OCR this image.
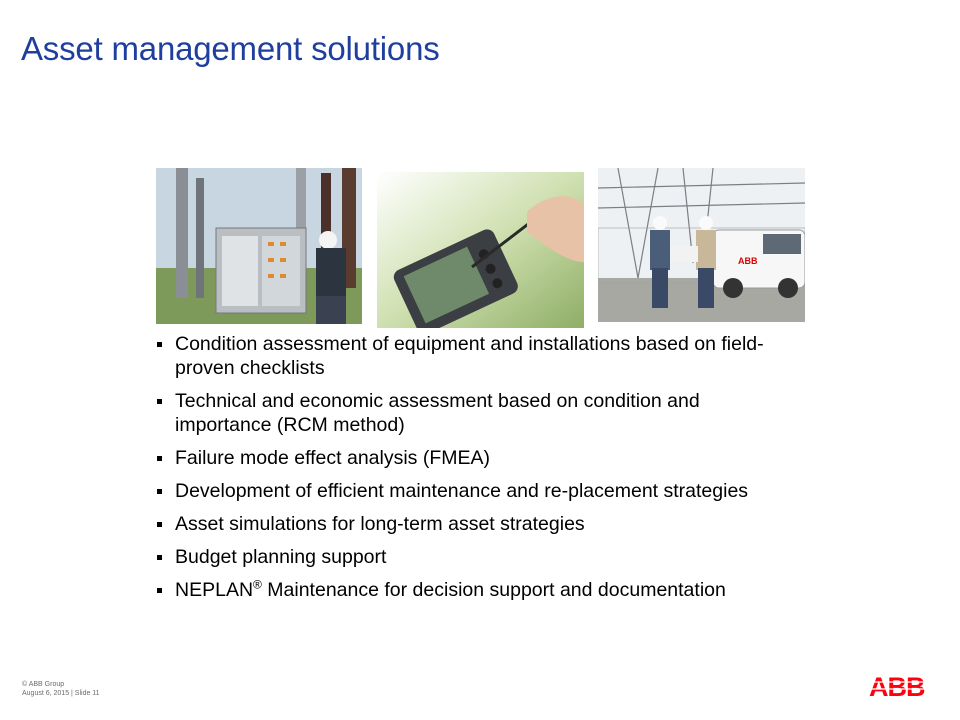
Asset management solutions
ABB
Condition assessment of equipment and installations based on field-proven checklists
Technical and economic assessment based on condition and importance (RCM method)
Failure mode effect analysis (FMEA)
Development of efficient maintenance and re-placement strategies
Asset simulations for long-term asset strategies
Budget planning support
NEPLAN® Maintenance for decision support and documentation
© ABB Group
August 6, 2015 | Slide 11	ABB
